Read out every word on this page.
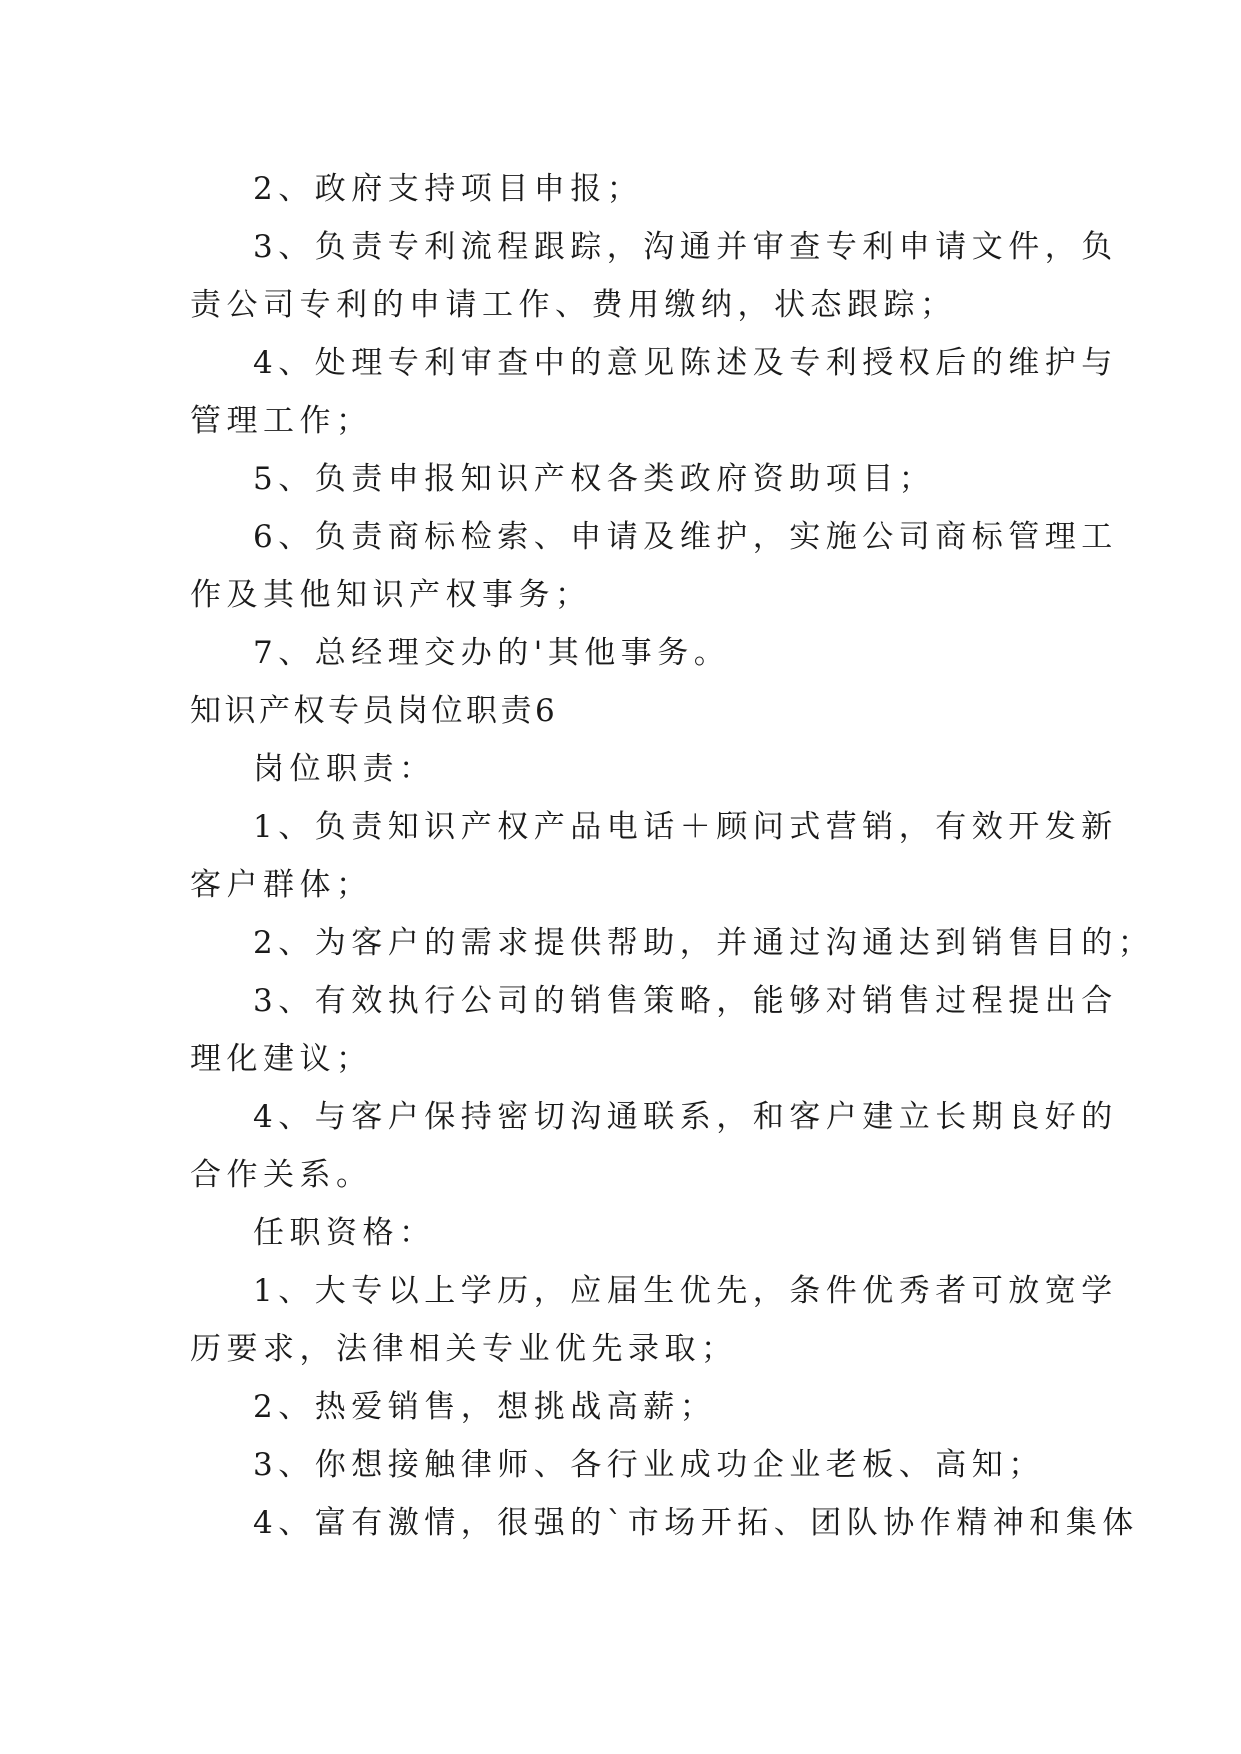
2、政府支持项目申报；
3、负责专利流程跟踪，沟通并审查专利申请文件，负
责公司专利的申请工作、费用缴纳，状态跟踪；
4、处理专利审查中的意见陈述及专利授权后的维护与
管理工作；
5、负责申报知识产权各类政府资助项目；
6、负责商标检索、申请及维护，实施公司商标管理工
作及其他知识产权事务；
7、总经理交办的'其他事务。
知识产权专员岗位职责6
岗位职责：
1、负责知识产权产品电话＋顾问式营销，有效开发新
客户群体；
2、为客户的需求提供帮助，并通过沟通达到销售目的；
3、有效执行公司的销售策略，能够对销售过程提出合
理化建议；
4、与客户保持密切沟通联系，和客户建立长期良好的
合作关系。
任职资格：
1、大专以上学历，应届生优先，条件优秀者可放宽学
历要求，法律相关专业优先录取；
2、热爱销售，想挑战高薪；
3、你想接触律师、各行业成功企业老板、高知；
4、富有激情，很强的`市场开拓、团队协作精神和集体
